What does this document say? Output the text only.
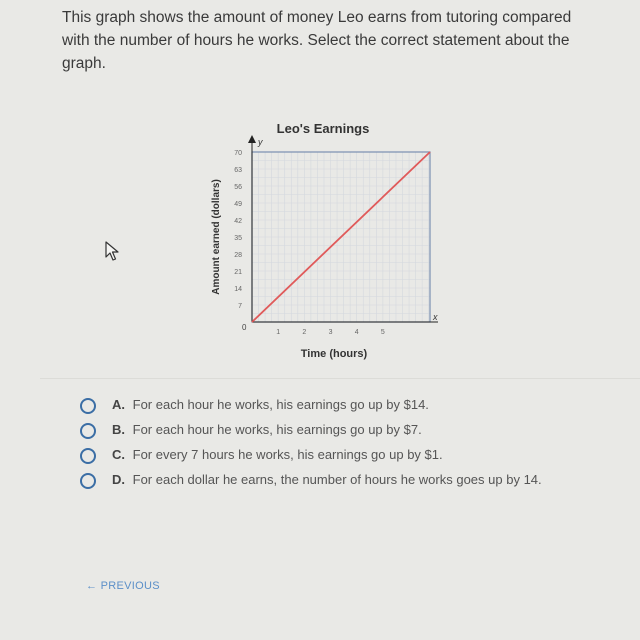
This graph shows the amount of money Leo earns from tutoring compared with the number of hours he works. Select the correct statement about the graph.
Leo's Earnings
y
x
0
7
14
21
28
35
42
49
56
63
70
1	2	3	4	5
Time (hours)
Amount earned (dollars)
A. For each hour he works, his earnings go up by $14.
B. For each hour he works, his earnings go up by $7.
C. For every 7 hours he works, his earnings go up by $1.
D. For each dollar he earns, the number of hours he works goes up by 14.
← PREVIOUS
